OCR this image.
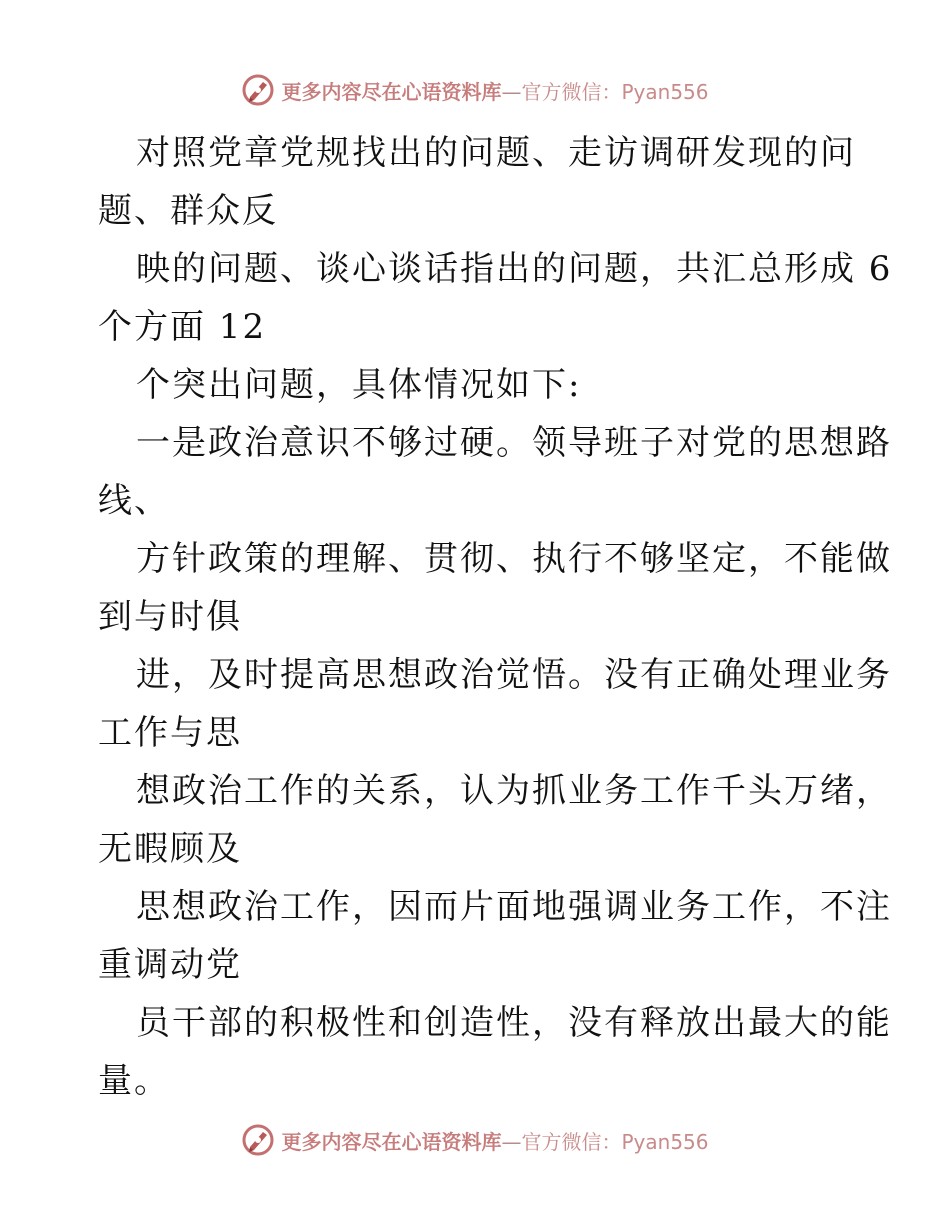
更多内容尽在心语资料库—官方微信：Pyan556
对照党章党规找出的问题、走访调研发现的问
题、群众反
映的问题、谈心谈话指出的问题，共汇总形成 6
个方面 12
个突出问题，具体情况如下:
一是政治意识不够过硬。领导班子对党的思想路
线、
方针政策的理解、贯彻、执行不够坚定，不能做
到与时俱
进，及时提高思想政治觉悟。没有正确处理业务
工作与思
想政治工作的关系，认为抓业务工作千头万绪，
无暇顾及
思想政治工作，因而片面地强调业务工作，不注
重调动党
员干部的积极性和创造性，没有释放出最大的能
量。
更多内容尽在心语资料库—官方微信：Pyan556
